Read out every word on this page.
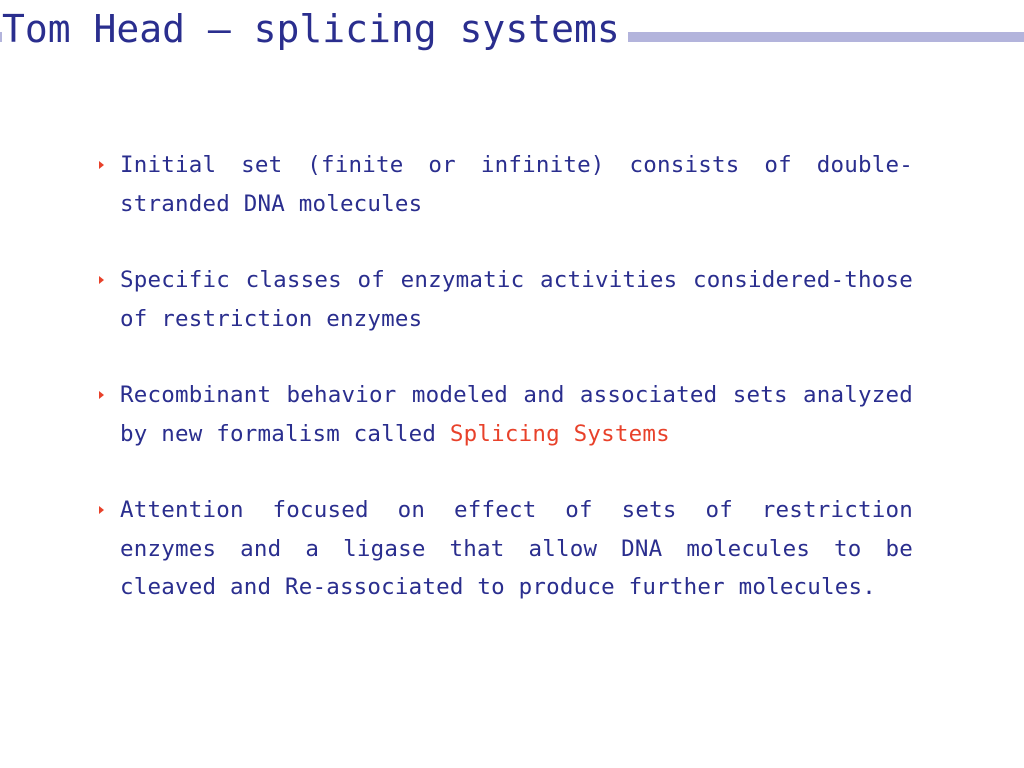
Tom Head – splicing systems
Initial set (finite or infinite) consists of double-stranded DNA molecules
Specific classes of enzymatic activities considered-those of restriction enzymes
Recombinant behavior modeled and associated sets analyzed by new formalism called Splicing Systems
Attention focused on effect of sets of restriction enzymes and a ligase that allow DNA molecules to be cleaved and Re-associated to produce further molecules.
